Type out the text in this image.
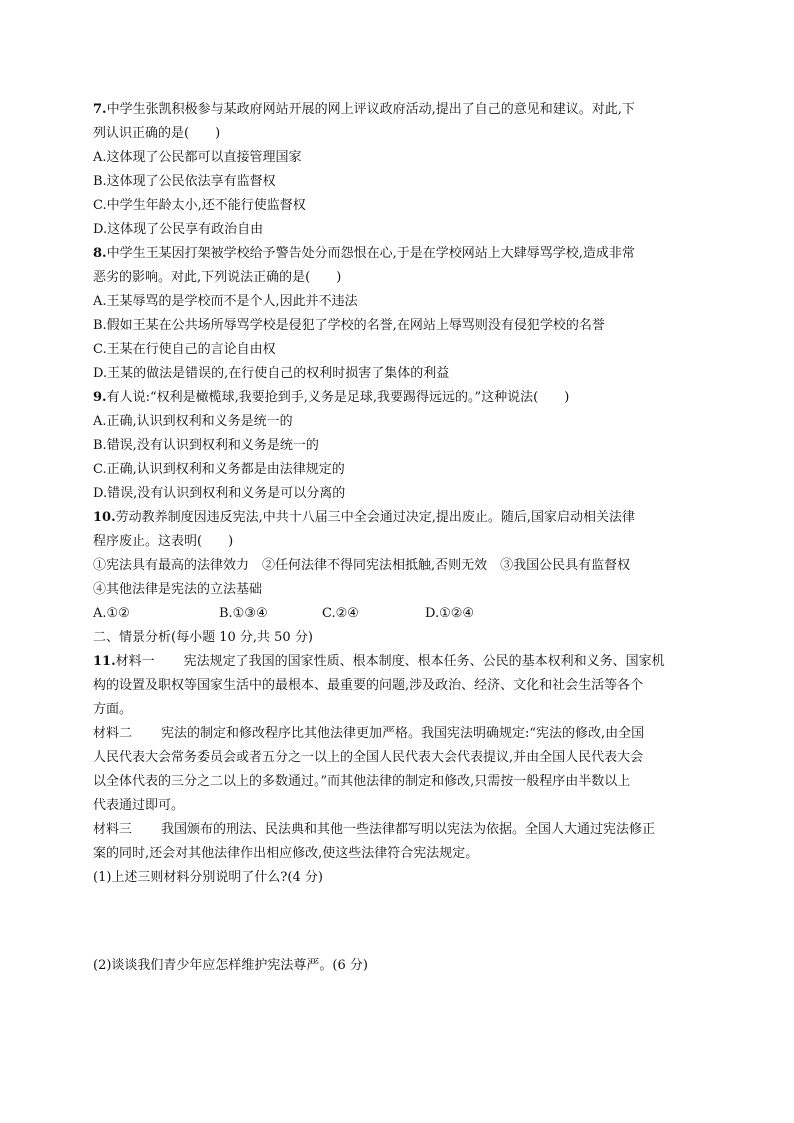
7.中学生张凯积极参与某政府网站开展的网上评议政府活动,提出了自己的意见和建议。对此,下
列认识正确的是(　　)
A.这体现了公民都可以直接管理国家
B.这体现了公民依法享有监督权
C.中学生年龄太小,还不能行使监督权
D.这体现了公民享有政治自由
8.中学生王某因打架被学校给予警告处分而怨恨在心,于是在学校网站上大肆辱骂学校,造成非常
恶劣的影响。对此,下列说法正确的是(　　)
A.王某辱骂的是学校而不是个人,因此并不违法
B.假如王某在公共场所辱骂学校是侵犯了学校的名誉,在网站上辱骂则没有侵犯学校的名誉
C.王某在行使自己的言论自由权
D.王某的做法是错误的,在行使自己的权利时损害了集体的利益
9.有人说:“权利是橄榄球,我要抢到手,义务是足球,我要踢得远远的。”这种说法(　　)
A.正确,认识到权利和义务是统一的
B.错误,没有认识到权利和义务是统一的
C.正确,认识到权利和义务都是由法律规定的
D.错误,没有认识到权利和义务是可以分离的
10.劳动教养制度因违反宪法,中共十八届三中全会通过决定,提出废止。随后,国家启动相关法律
程序废止。这表明(　　)
①宪法具有最高的法律效力　②任何法律不得同宪法相抵触,否则无效　③我国公民具有监督权
④其他法律是宪法的立法基础
A.①②	B.①③④	C.②④	D.①②④
二、情景分析(每小题 10 分,共 50 分)
11.材料一 宪法规定了我国的国家性质、根本制度、根本任务、公民的基本权利和义务、国家机
构的设置及职权等国家生活中的最根本、最重要的问题,涉及政治、经济、文化和社会生活等各个
方面。
材料二 宪法的制定和修改程序比其他法律更加严格。我国宪法明确规定:“宪法的修改,由全国
人民代表大会常务委员会或者五分之一以上的全国人民代表大会代表提议,并由全国人民代表大会
以全体代表的三分之二以上的多数通过。”而其他法律的制定和修改,只需按一般程序由半数以上
代表通过即可。
材料三 我国颁布的刑法、民法典和其他一些法律都写明以宪法为依据。全国人大通过宪法修正
案的同时,还会对其他法律作出相应修改,使这些法律符合宪法规定。
(1)上述三则材料分别说明了什么?(4 分)
(2)谈谈我们青少年应怎样维护宪法尊严。(6 分)
